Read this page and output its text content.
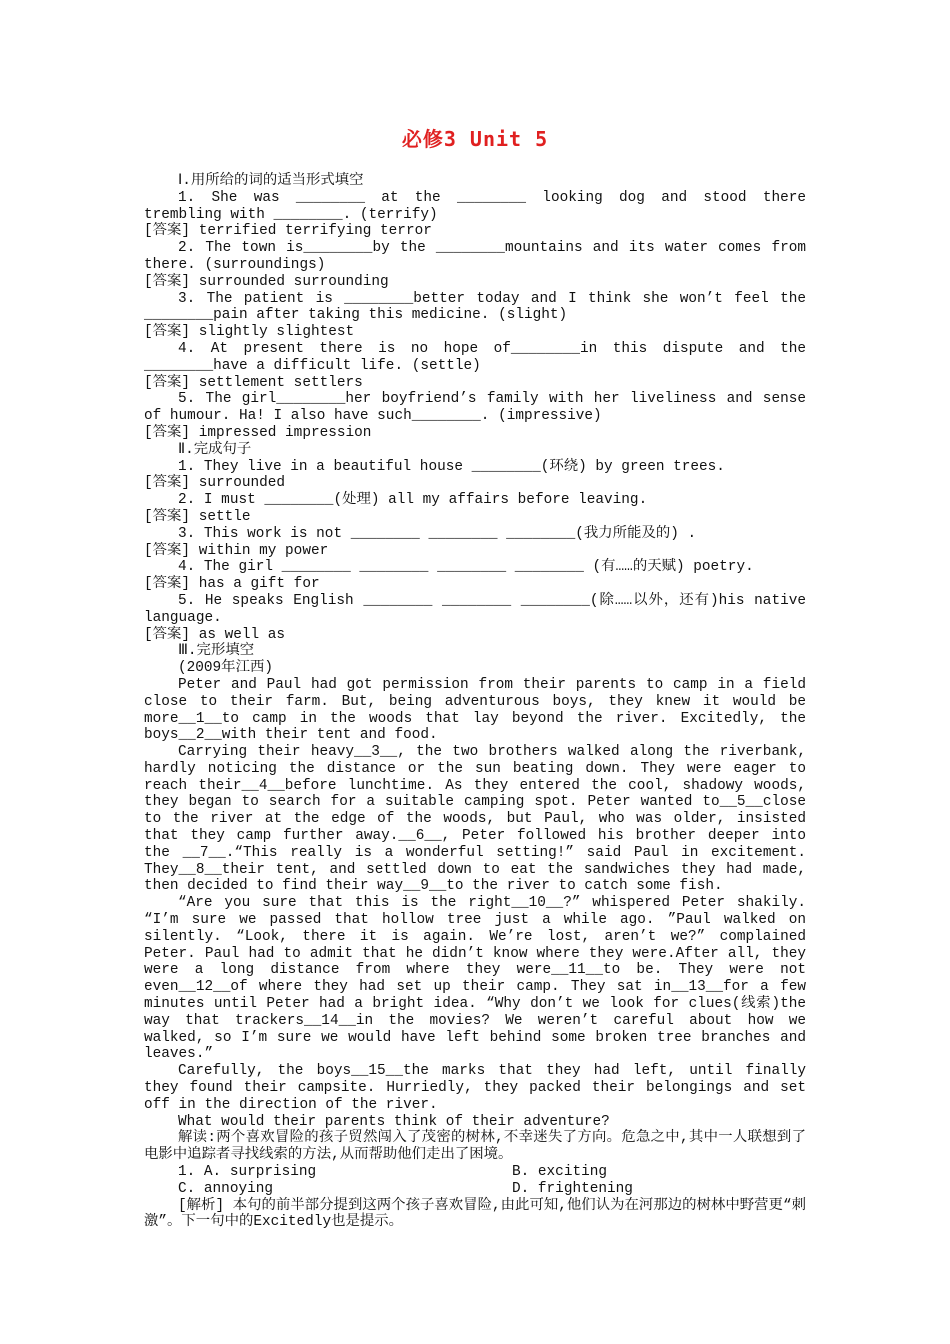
必修3 Unit 5

Ⅰ.用所给的词的适当形式填空

1. She was ________ at the ________ looking dog and stood there trembling with ________. (terrify)

[答案] terrified terrifying terror

2. The town is________by the ________mountains and its water comes from there. (surroundings)

[答案] surrounded surrounding

3. The patient is ________better today and I think she won’t feel the ________pain after taking this medicine. (slight)

[答案] slightly slightest

4. At present there is no hope of________in this dispute and the ________have a difficult life. (settle)

[答案] settlement settlers

5. The girl________her boyfriend’s family with her liveliness and sense of humour. Ha! I also have such________. (impressive)

[答案] impressed impression

Ⅱ.完成句子

1. They live in a beautiful house ________(环绕) by green trees.

[答案] surrounded

2. I must ________(处理) all my affairs before leaving.

[答案] settle

3. This work is not ________ ________ ________(我力所能及的) .

[答案] within my power

4. The girl ________ ________ ________ ________ (有……的天赋) poetry.

[答案] has a gift for

5. He speaks English ________ ________ ________(除……以外，还有)his native language.

[答案] as well as

Ⅲ.完形填空

(2009年江西)

Peter and Paul had got permission from their parents to camp in a field close to their farm. But, being adventurous boys, they knew it would be more__1__to camp in the woods that lay beyond the river. Excitedly, the boys__2__with their tent and food.

Carrying their heavy__3__, the two brothers walked along the riverbank, hardly noticing the distance or the sun beating down. They were eager to reach their__4__before lunchtime. As they entered the cool, shadowy woods, they began to search for a suitable camping spot. Peter wanted to__5__close to the river at the edge of the woods, but Paul, who was older, insisted that they camp further away.__6__, Peter followed his brother deeper into the __7__.“This really is a wonderful setting!” said Paul in excitement. They__8__their tent, and settled down to eat the sandwiches they had made, then decided to find their way__9__to the river to catch some fish.

“Are you sure that this is the right__10__?” whispered Peter shakily. “I’m sure we passed that hollow tree just a while ago. ”Paul walked on silently. “Look, there it is again. We’re lost, aren’t we?” complained Peter. Paul had to admit that he didn’t know where they were.After all, they were a long distance from where they were__11__to be. They were not even__12__of where they had set up their camp. They sat in__13__for a few minutes until Peter had a bright idea. “Why don’t we look for clues(线索)the way that trackers__14__in the movies? We weren’t careful about how we walked, so I’m sure we would have left behind some broken tree branches and leaves.”

Carefully, the boys__15__the marks that they had left, until finally they found their campsite. Hurriedly, they packed their belongings and set off in the direction of the river.

What would their parents think of their adventure?

解读:两个喜欢冒险的孩子贸然闯入了茂密的树林,不幸迷失了方向。危急之中,其中一人联想到了电影中追踪者寻找线索的方法,从而帮助他们走出了困境。

1. A. surprising	B. exciting
C. annoying	D. frightening

[解析] 本句的前半部分提到这两个孩子喜欢冒险,由此可知,他们认为在河那边的树林中野营更“刺激”。下一句中的Excitedly也是提示。
